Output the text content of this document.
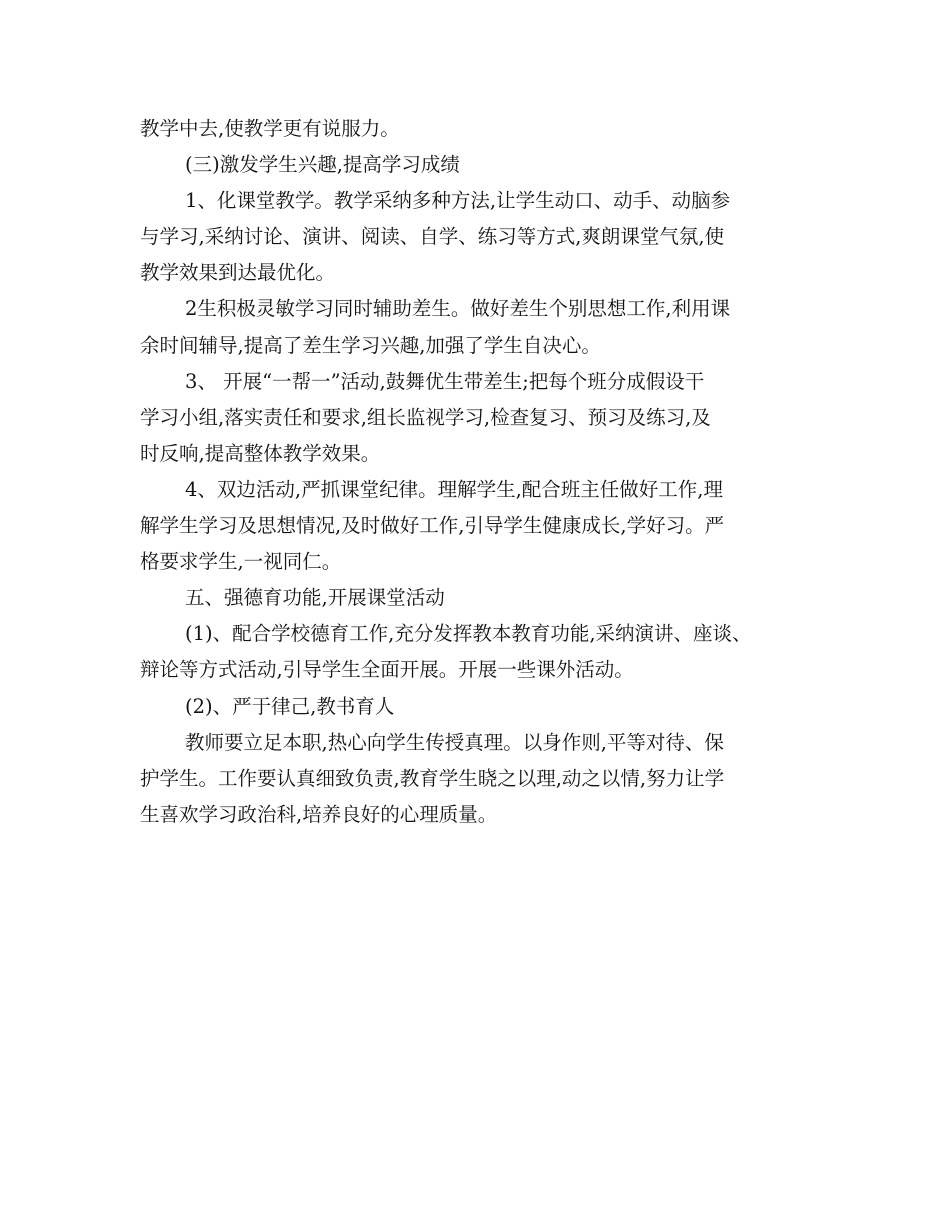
教学中去,使教学更有说服力。
(三)激发学生兴趣,提高学习成绩
1、化课堂教学。教学采纳多种方法,让学生动口、动手、动脑参
与学习,采纳讨论、演讲、阅读、自学、练习等方式,爽朗课堂气氛,使
教学效果到达最优化。
2生积极灵敏学习同时辅助差生。做好差生个别思想工作,利用课
余时间辅导,提高了差生学习兴趣,加强了学生自决心。
3、 开展“一帮一”活动,鼓舞优生带差生;把每个班分成假设干
学习小组,落实责任和要求,组长监视学习,检查复习、预习及练习,及
时反响,提高整体教学效果。
4、双边活动,严抓课堂纪律。理解学生,配合班主任做好工作,理
解学生学习及思想情况,及时做好工作,引导学生健康成长,学好习。严
格要求学生,一视同仁。
五、强德育功能,开展课堂活动
(1)、配合学校德育工作,充分发挥教本教育功能,采纳演讲、座谈、
辩论等方式活动,引导学生全面开展。开展一些课外活动。
(2)、严于律己,教书育人
教师要立足本职,热心向学生传授真理。以身作则,平等对待、保
护学生。工作要认真细致负责,教育学生晓之以理,动之以情,努力让学
生喜欢学习政治科,培养良好的心理质量。
